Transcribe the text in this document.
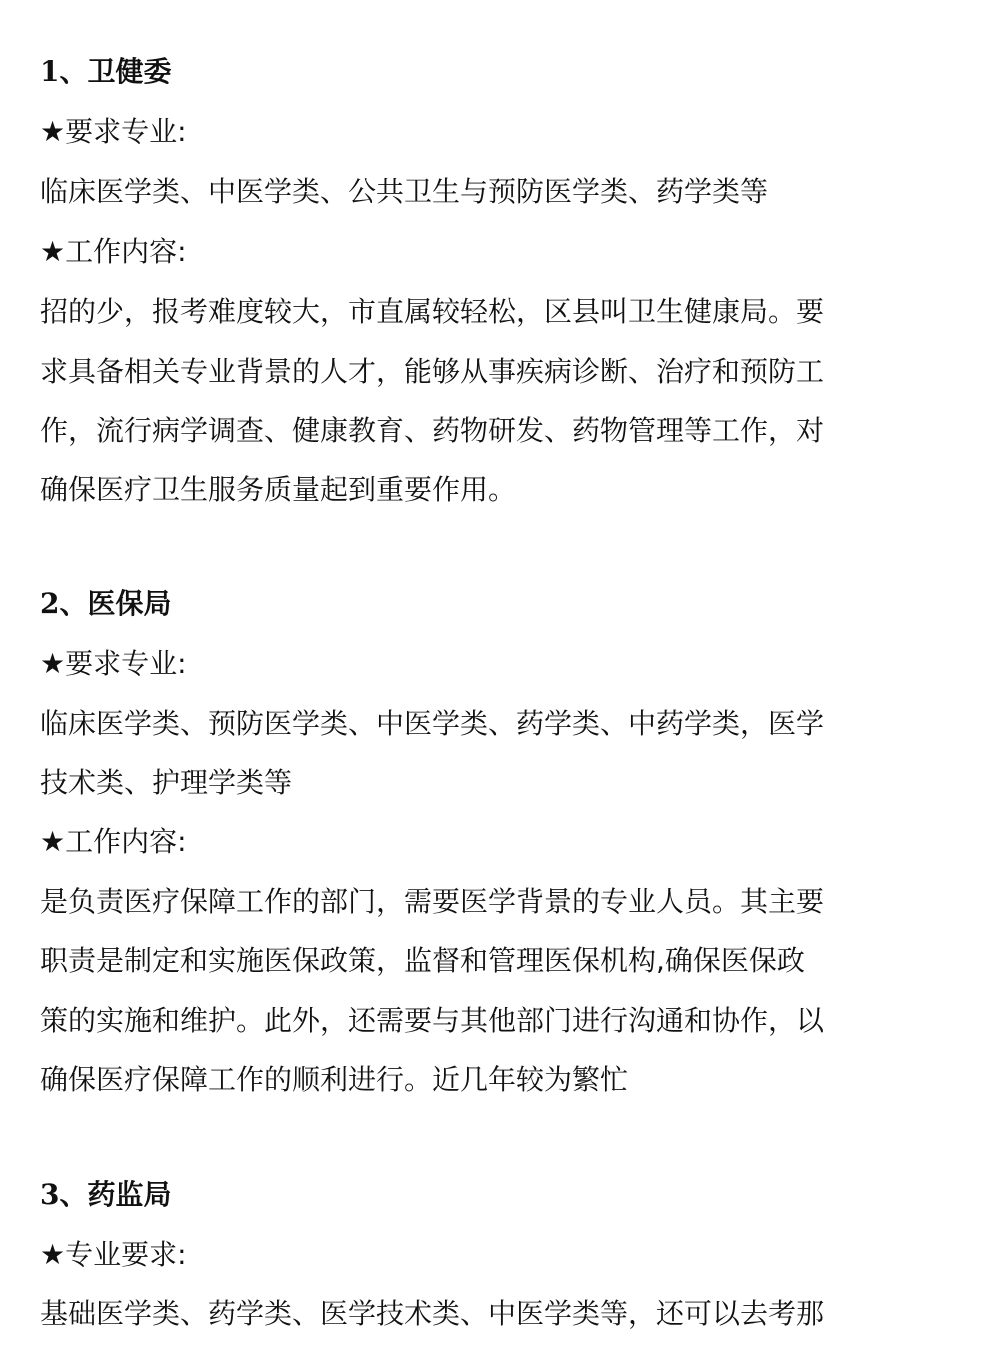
1、卫健委
★要求专业:
临床医学类、中医学类、公共卫生与预防医学类、药学类等
★工作内容:
招的少，报考难度较大，市直属较轻松，区县叫卫生健康局。要
求具备相关专业背景的人才，能够从事疾病诊断、治疗和预防工
作，流行病学调查、健康教育、药物研发、药物管理等工作，对
确保医疗卫生服务质量起到重要作用。
2、医保局
★要求专业:
临床医学类、预防医学类、中医学类、药学类、中药学类，医学
技术类、护理学类等
★工作内容:
是负责医疗保障工作的部门，需要医学背景的专业人员。其主要
职责是制定和实施医保政策，监督和管理医保机构,确保医保政
策的实施和维护。此外，还需要与其他部门进行沟通和协作，以
确保医疗保障工作的顺利进行。近几年较为繁忙
3、药监局
★专业要求:
基础医学类、药学类、医学技术类、中医学类等，还可以去考那
